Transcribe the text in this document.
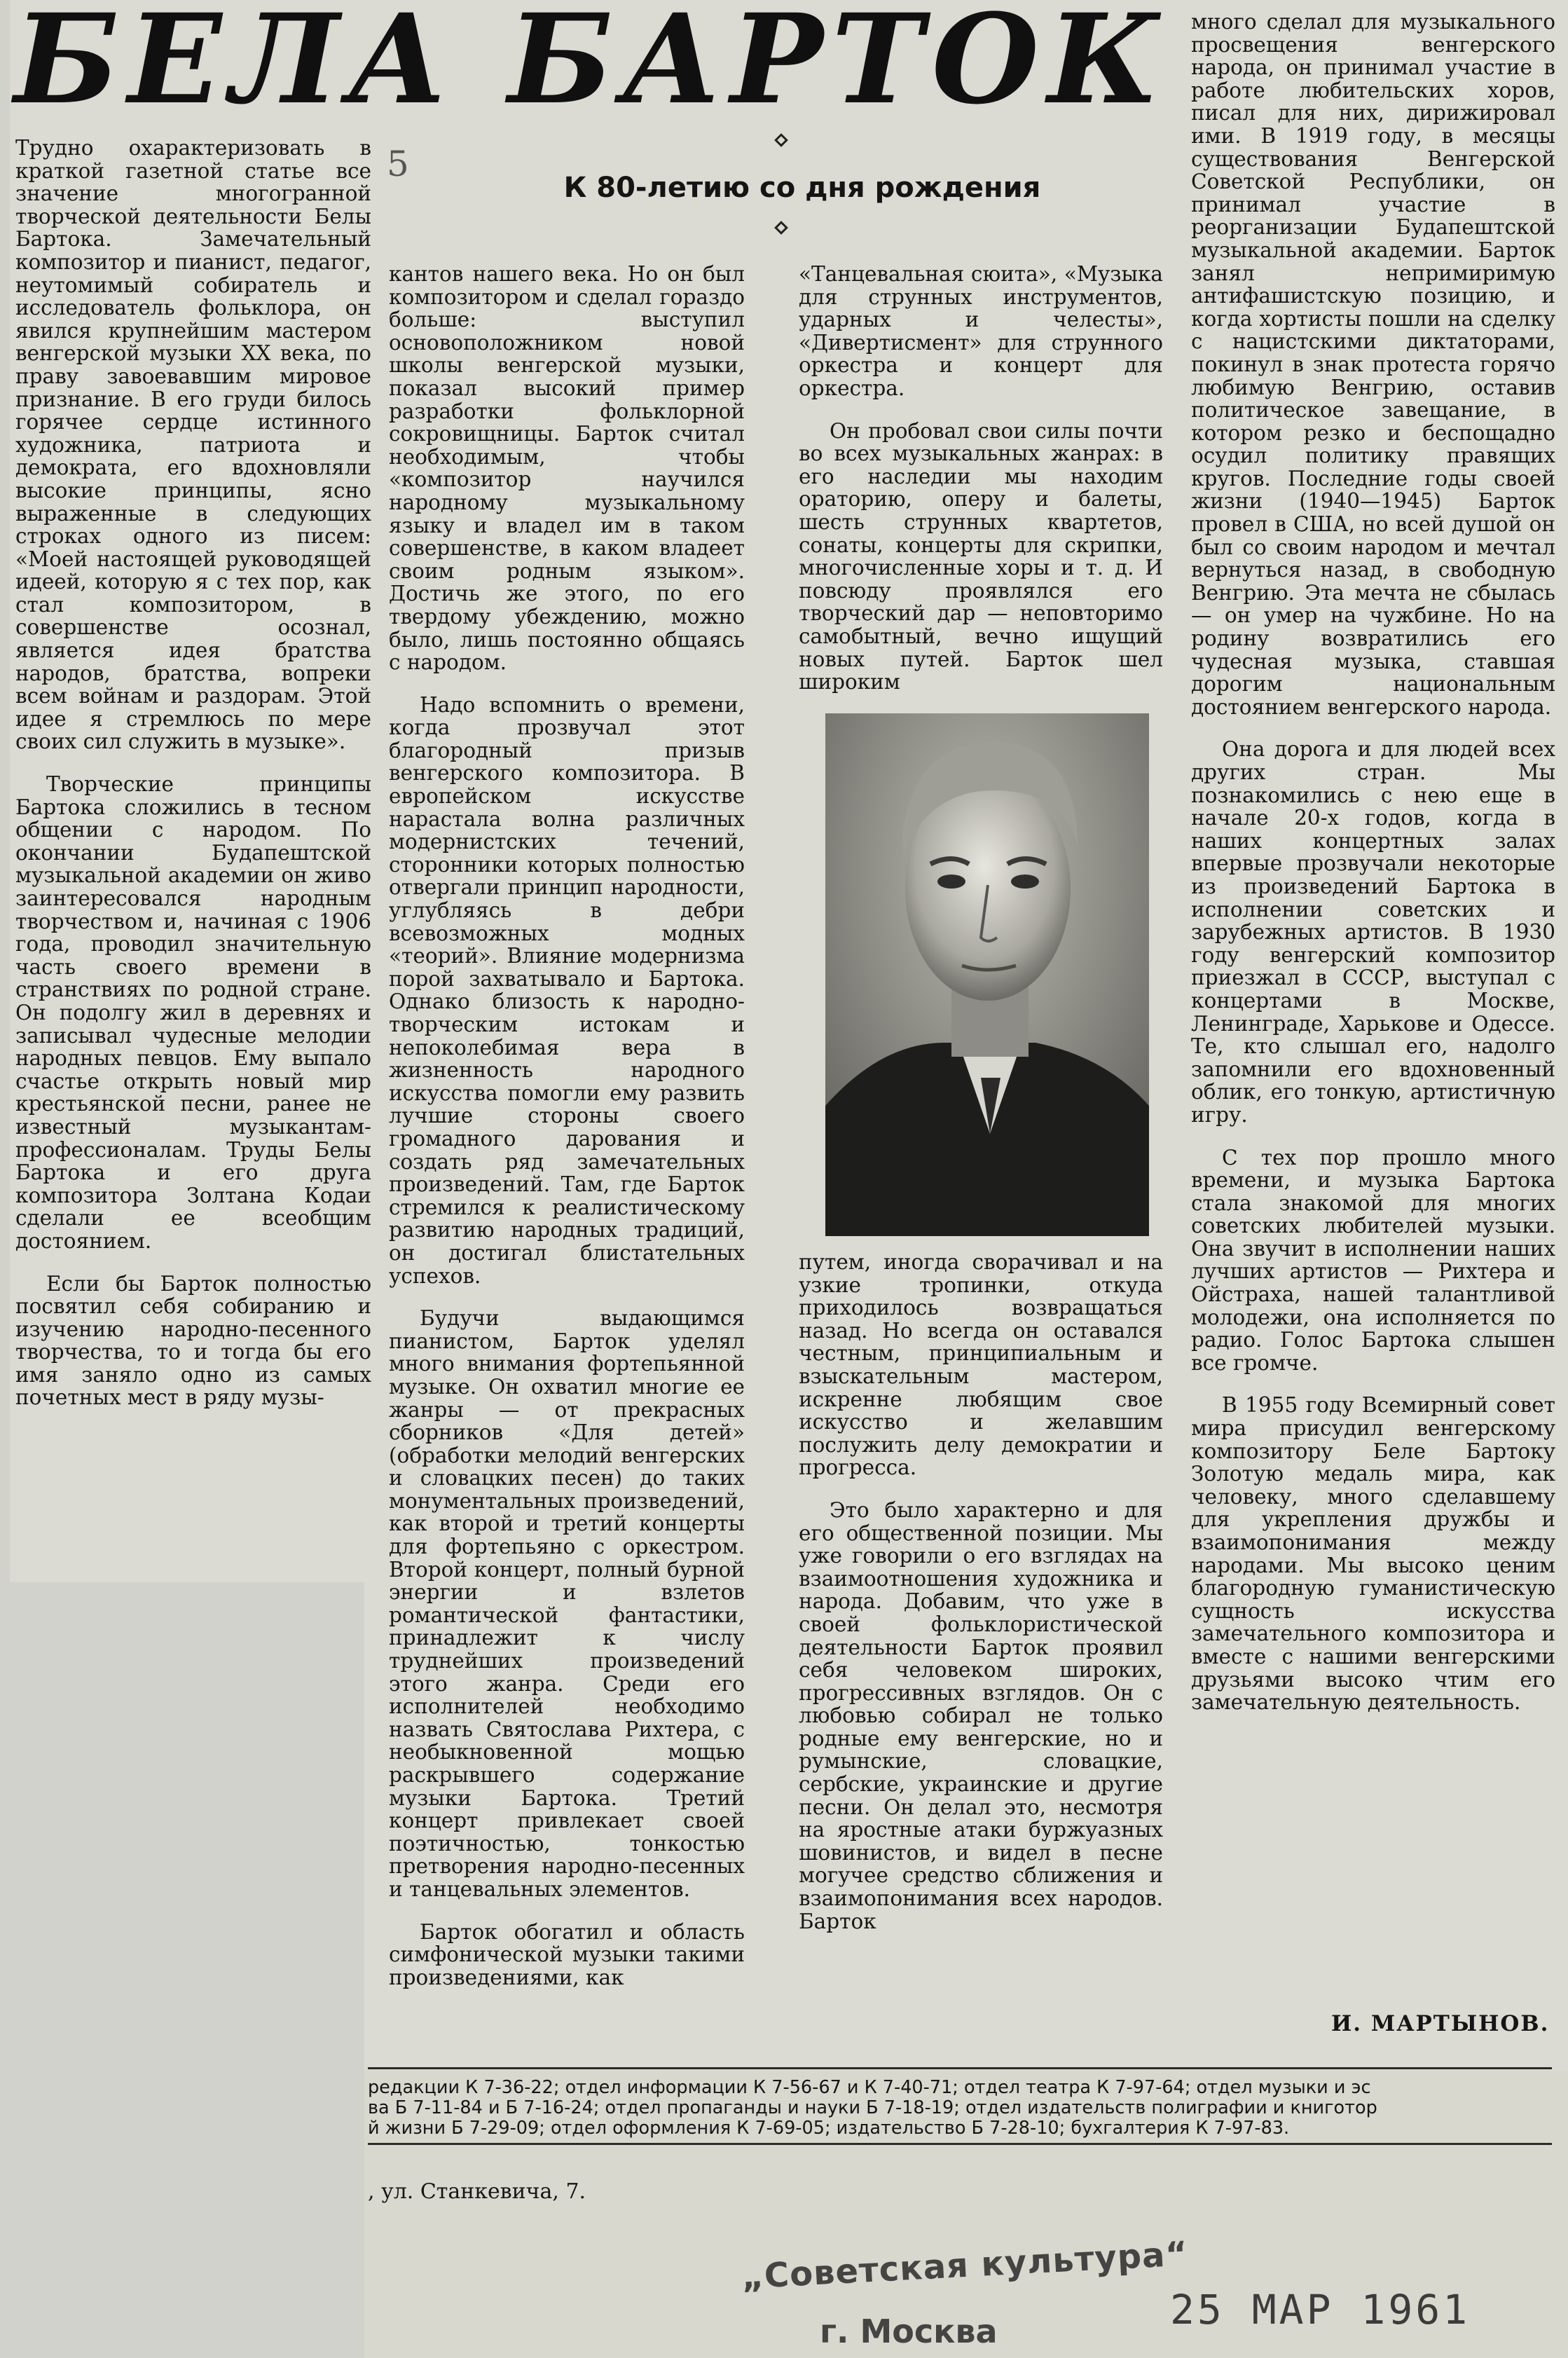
БЕЛА БАРТОК
5
К 80-летию со дня рождения

Трудно охарактеризовать в краткой газетной статье все значение многогранной творческой деятельности Белы Бартока. Замечательный композитор и пианист, педагог, неутомимый собиратель и исследователь фольклора, он явился крупнейшим мастером венгерской музыки XX века, по праву завоевавшим мировое признание. В его груди билось горячее сердце истинного художника, патриота и демократа, его вдохновляли высокие принципы, ясно выраженные в следующих строках одного из писем: «Моей настоящей руководящей идеей, которую я с тех пор, как стал композитором, в совершенстве осознал, является идея братства народов, братства, вопреки всем войнам и раздорам. Этой идее я стремлюсь по мере своих сил служить в музыке».

Творческие принципы Бартока сложились в тесном общении с народом. По окончании Будапештской музыкальной академии он живо заинтересовался народным творчеством и, начиная с 1906 года, проводил значительную часть своего времени в странствиях по родной стране. Он подолгу жил в деревнях и записывал чудесные мелодии народных певцов. Ему выпало счастье открыть новый мир крестьянской песни, ранее не известный музыкантам-профессионалам. Труды Белы Бартока и его друга композитора Золтана Кодаи сделали ее всеобщим достоянием.

Если бы Барток полностью посвятил себя собиранию и изучению народно-песенного творчества, то и тогда бы его имя заняло одно из самых почетных мест в ряду музы-

кантов нашего века. Но он был композитором и сделал гораздо больше: выступил основоположником новой школы венгерской музыки, показал высокий пример разработки фольклорной сокровищницы. Барток считал необходимым, чтобы «композитор научился народному музыкальному языку и владел им в таком совершенстве, в каком владеет своим родным языком». Достичь же этого, по его твердому убеждению, можно было, лишь постоянно общаясь с народом.

Надо вспомнить о времени, когда прозвучал этот благородный призыв венгерского композитора. В европейском искусстве нарастала волна различных модернистских течений, сторонники которых полностью отвергали принцип народности, углубляясь в дебри всевозможных модных «теорий». Влияние модернизма порой захватывало и Бартока. Однако близость к народно-творческим истокам и непоколебимая вера в жизненность народного искусства помогли ему развить лучшие стороны своего громадного дарования и создать ряд замечательных произведений. Там, где Барток стремился к реалистическому развитию народных традиций, он достигал блистательных успехов.

Будучи выдающимся пианистом, Барток уделял много внимания фортепьянной музыке. Он охватил многие ее жанры — от прекрасных сборников «Для детей» (обработки мелодий венгерских и словацких песен) до таких монументальных произведений, как второй и третий концерты для фортепьяно с оркестром. Второй концерт, полный бурной энергии и взлетов романтической фантастики, принадлежит к числу труднейших произведений этого жанра. Среди его исполнителей необходимо назвать Святослава Рихтера, с необыкновенной мощью раскрывшего содержание музыки Бартока. Третий концерт привлекает своей поэтичностью, тонкостью претворения народно-песенных и танцевальных элементов.

Барток обогатил и область симфонической музыки такими произведениями, как

«Танцевальная сюита», «Музыка для струнных инструментов, ударных и челесты», «Дивертисмент» для струнного оркестра и концерт для оркестра.

Он пробовал свои силы почти во всех музыкальных жанрах: в его наследии мы находим ораторию, оперу и балеты, шесть струнных квартетов, сонаты, концерты для скрипки, многочисленные хоры и т. д. И повсюду проявлялся его творческий дар — неповторимо самобытный, вечно ищущий новых путей. Барток шел широким

путем, иногда сворачивал и на узкие тропинки, откуда приходилось возвращаться назад. Но всегда он оставался честным, принципиальным и взыскательным мастером, искренне любящим свое искусство и желавшим послужить делу демократии и прогресса.

Это было характерно и для его общественной позиции. Мы уже говорили о его взглядах на взаимоотношения художника и народа. Добавим, что уже в своей фольклористической деятельности Барток проявил себя человеком широких, прогрессивных взглядов. Он с любовью собирал не только родные ему венгерские, но и румынские, словацкие, сербские, украинские и другие песни. Он делал это, несмотря на яростные атаки буржуазных шовинистов, и видел в песне могучее средство сближения и взаимопонимания всех народов. Барток

много сделал для музыкального просвещения венгерского народа, он принимал участие в работе любительских хоров, писал для них, дирижировал ими. В 1919 году, в месяцы существования Венгерской Советской Республики, он принимал участие в реорганизации Будапештской музыкальной академии. Барток занял непримиримую антифашистскую позицию, и когда хортисты пошли на сделку с нацистскими диктаторами, покинул в знак протеста горячо любимую Венгрию, оставив политическое завещание, в котором резко и беспощадно осудил политику правящих кругов. Последние годы своей жизни (1940—1945) Барток провел в США, но всей душой он был со своим народом и мечтал вернуться назад, в свободную Венгрию. Эта мечта не сбылась — он умер на чужбине. Но на родину возвратились его чудесная музыка, ставшая дорогим национальным достоянием венгерского народа.

Она дорога и для людей всех других стран. Мы познакомились с нею еще в начале 20-х годов, когда в наших концертных залах впервые прозвучали некоторые из произведений Бартока в исполнении советских и зарубежных артистов. В 1930 году венгерский композитор приезжал в СССР, выступал с концертами в Москве, Ленинграде, Харькове и Одессе. Те, кто слышал его, надолго запомнили его вдохновенный облик, его тонкую, артистичную игру.

С тех пор прошло много времени, и музыка Бартока стала знакомой для многих советских любителей музыки. Она звучит в исполнении наших лучших артистов — Рихтера и Ойстраха, нашей талантливой молодежи, она исполняется по радио. Голос Бартока слышен все громче.

В 1955 году Всемирный совет мира присудил венгерскому композитору Беле Бартоку Золотую медаль мира, как человеку, много сделавшему для укрепления дружбы и взаимопонимания между народами. Мы высоко ценим благородную гуманистическую сущность искусства замечательного композитора и вместе с нашими венгерскими друзьями высоко чтим его замечательную деятельность.

И. МАРТЫНОВ.
редакции К 7-36-22; отдел информации К 7-56-67 и К 7-40-71; отдел театра К 7-97-64; отдел музыки и эс
ва Б 7-11-84 и Б 7-16-24; отдел пропаганды и науки Б 7-18-19; отдел издательств полиграфии и книготор
й жизни Б 7-29-09; отдел оформления К 7-69-05; издательство Б 7-28-10; бухгалтерия К 7-97-83.
, ул. Станкевича, 7.
„Советская культура“
г. Москва	25 МАР 1961
